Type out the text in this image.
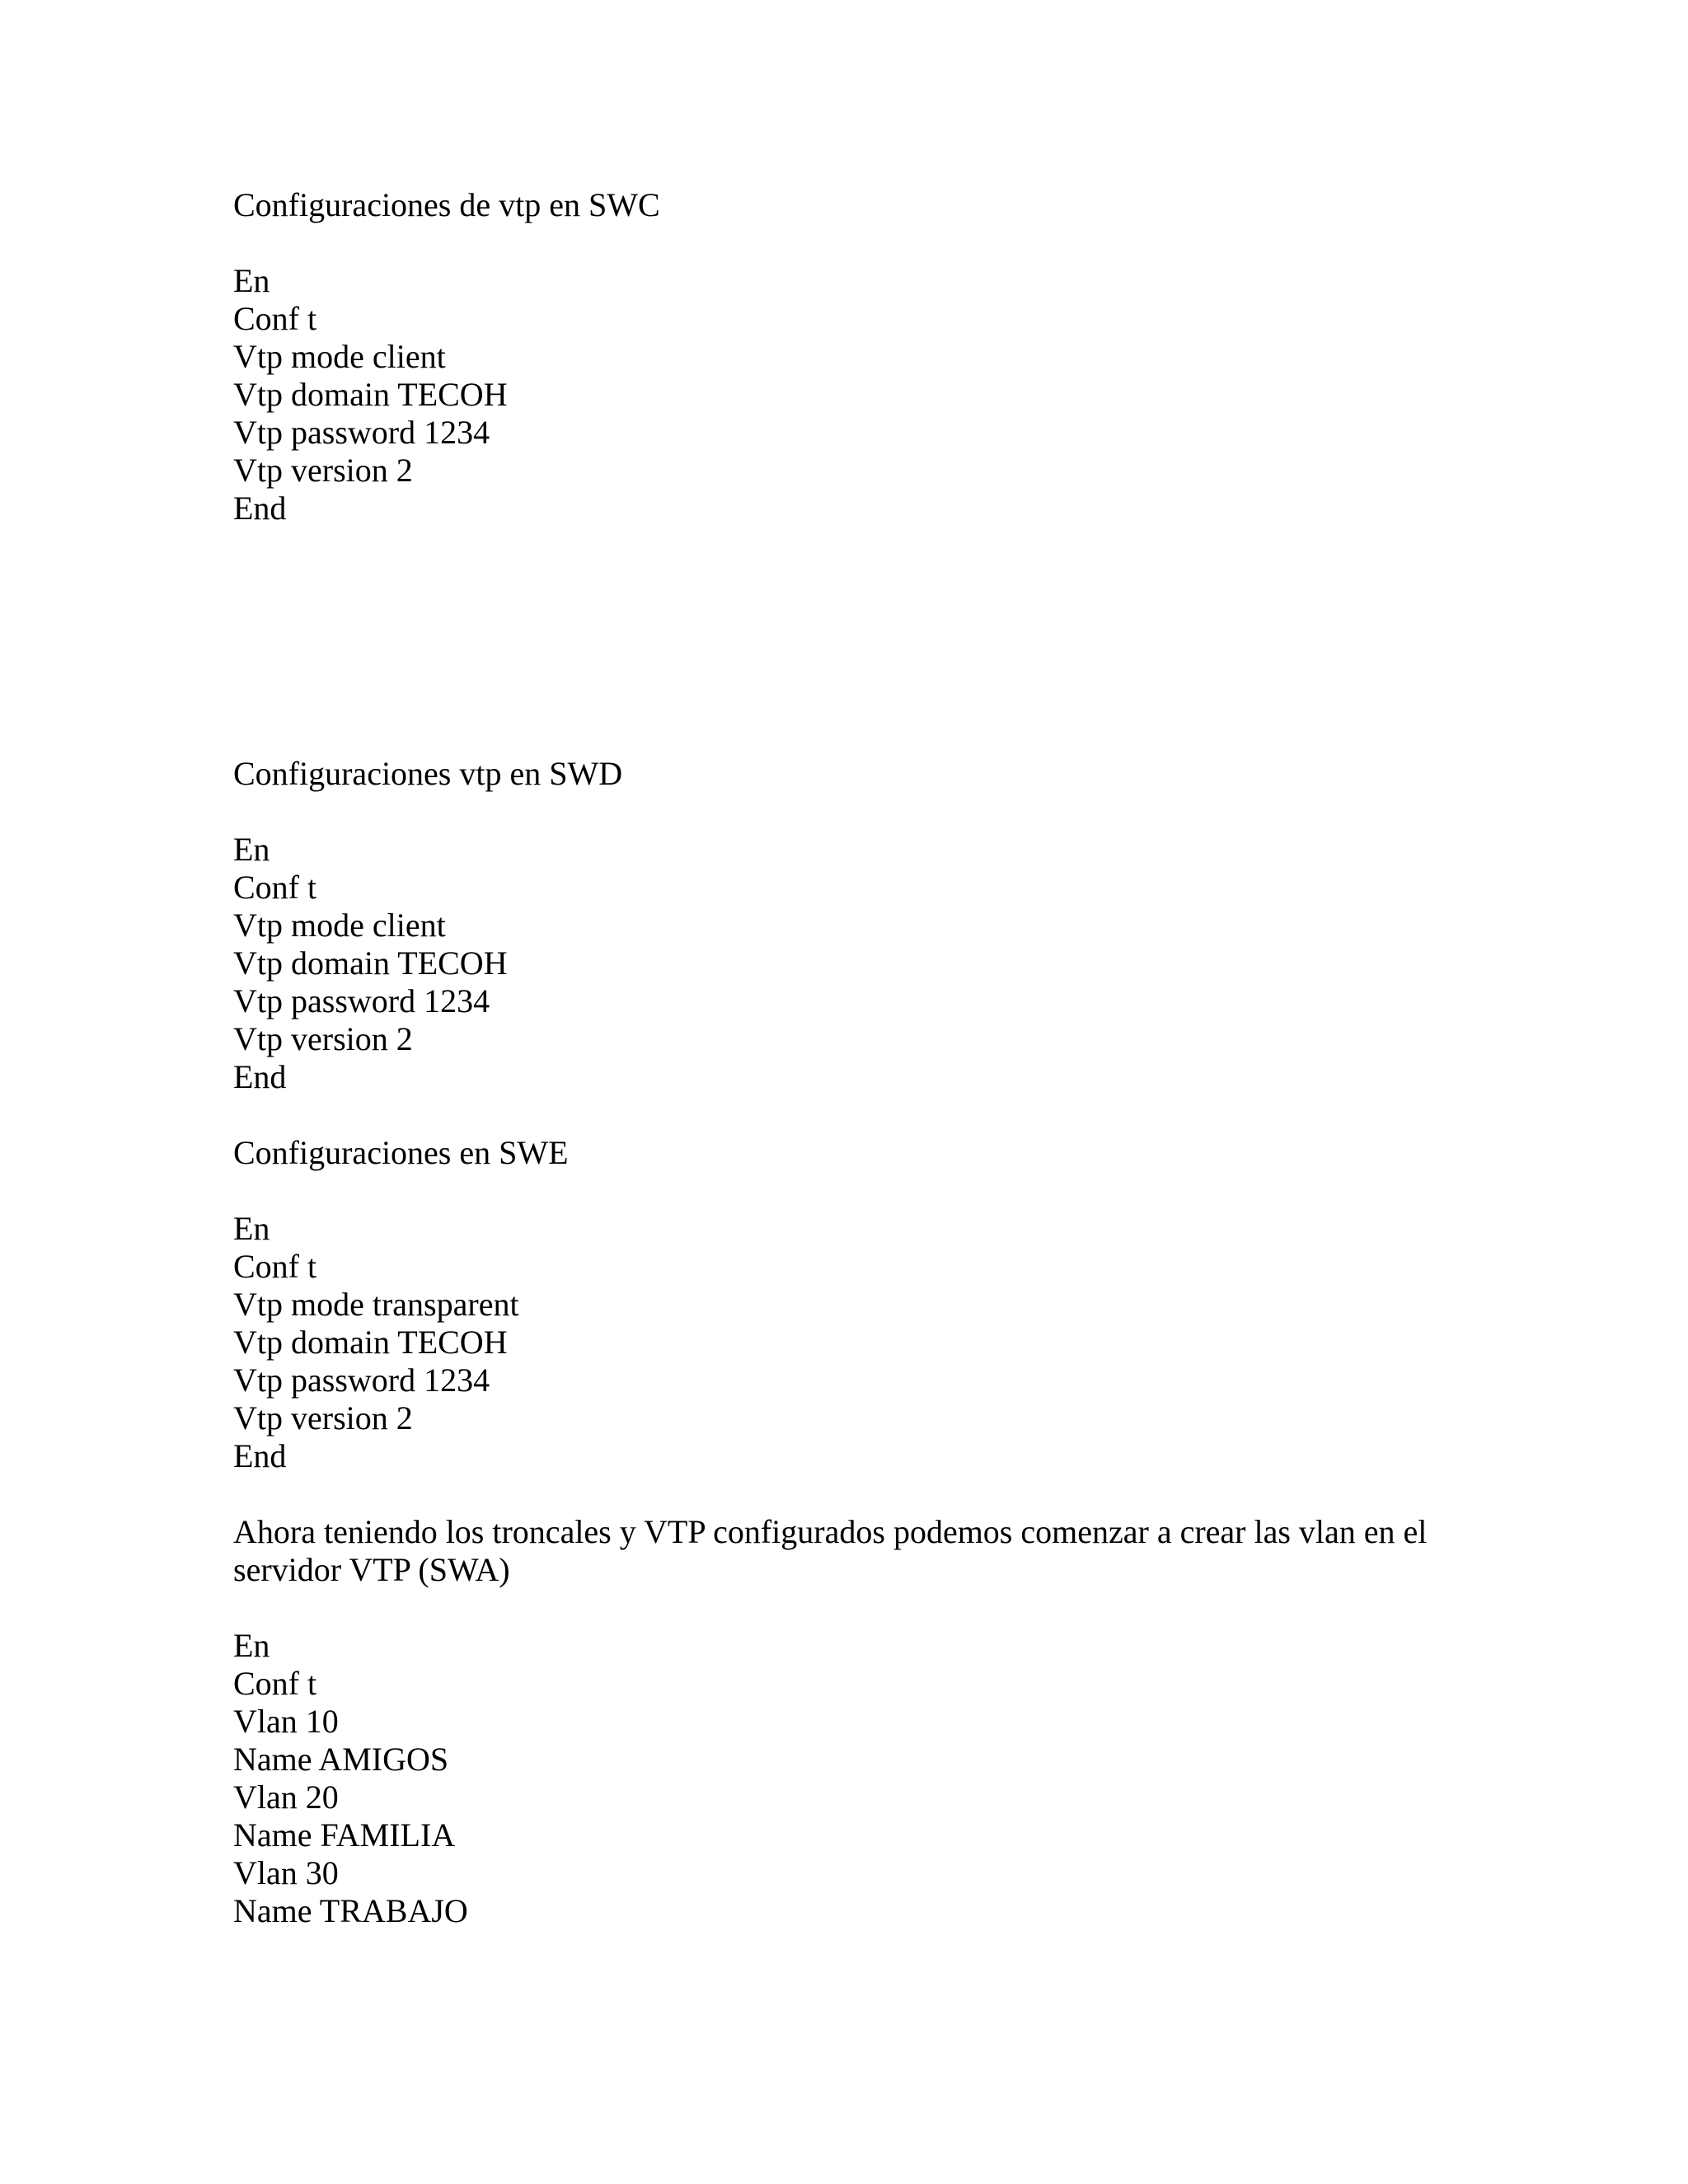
Configuraciones de vtp en SWC
En
Conf t
Vtp mode client
Vtp domain TECOH
Vtp password 1234
Vtp version 2
End
Configuraciones vtp en SWD
En
Conf t
Vtp mode client
Vtp domain TECOH
Vtp password 1234
Vtp version 2
End
Configuraciones en SWE
En
Conf t
Vtp mode transparent
Vtp domain TECOH
Vtp password 1234
Vtp version 2
End
Ahora teniendo los troncales y VTP configurados podemos comenzar a crear las vlan en el
servidor VTP (SWA)
En
Conf t
Vlan 10
Name AMIGOS
Vlan 20
Name FAMILIA
Vlan 30
Name TRABAJO
